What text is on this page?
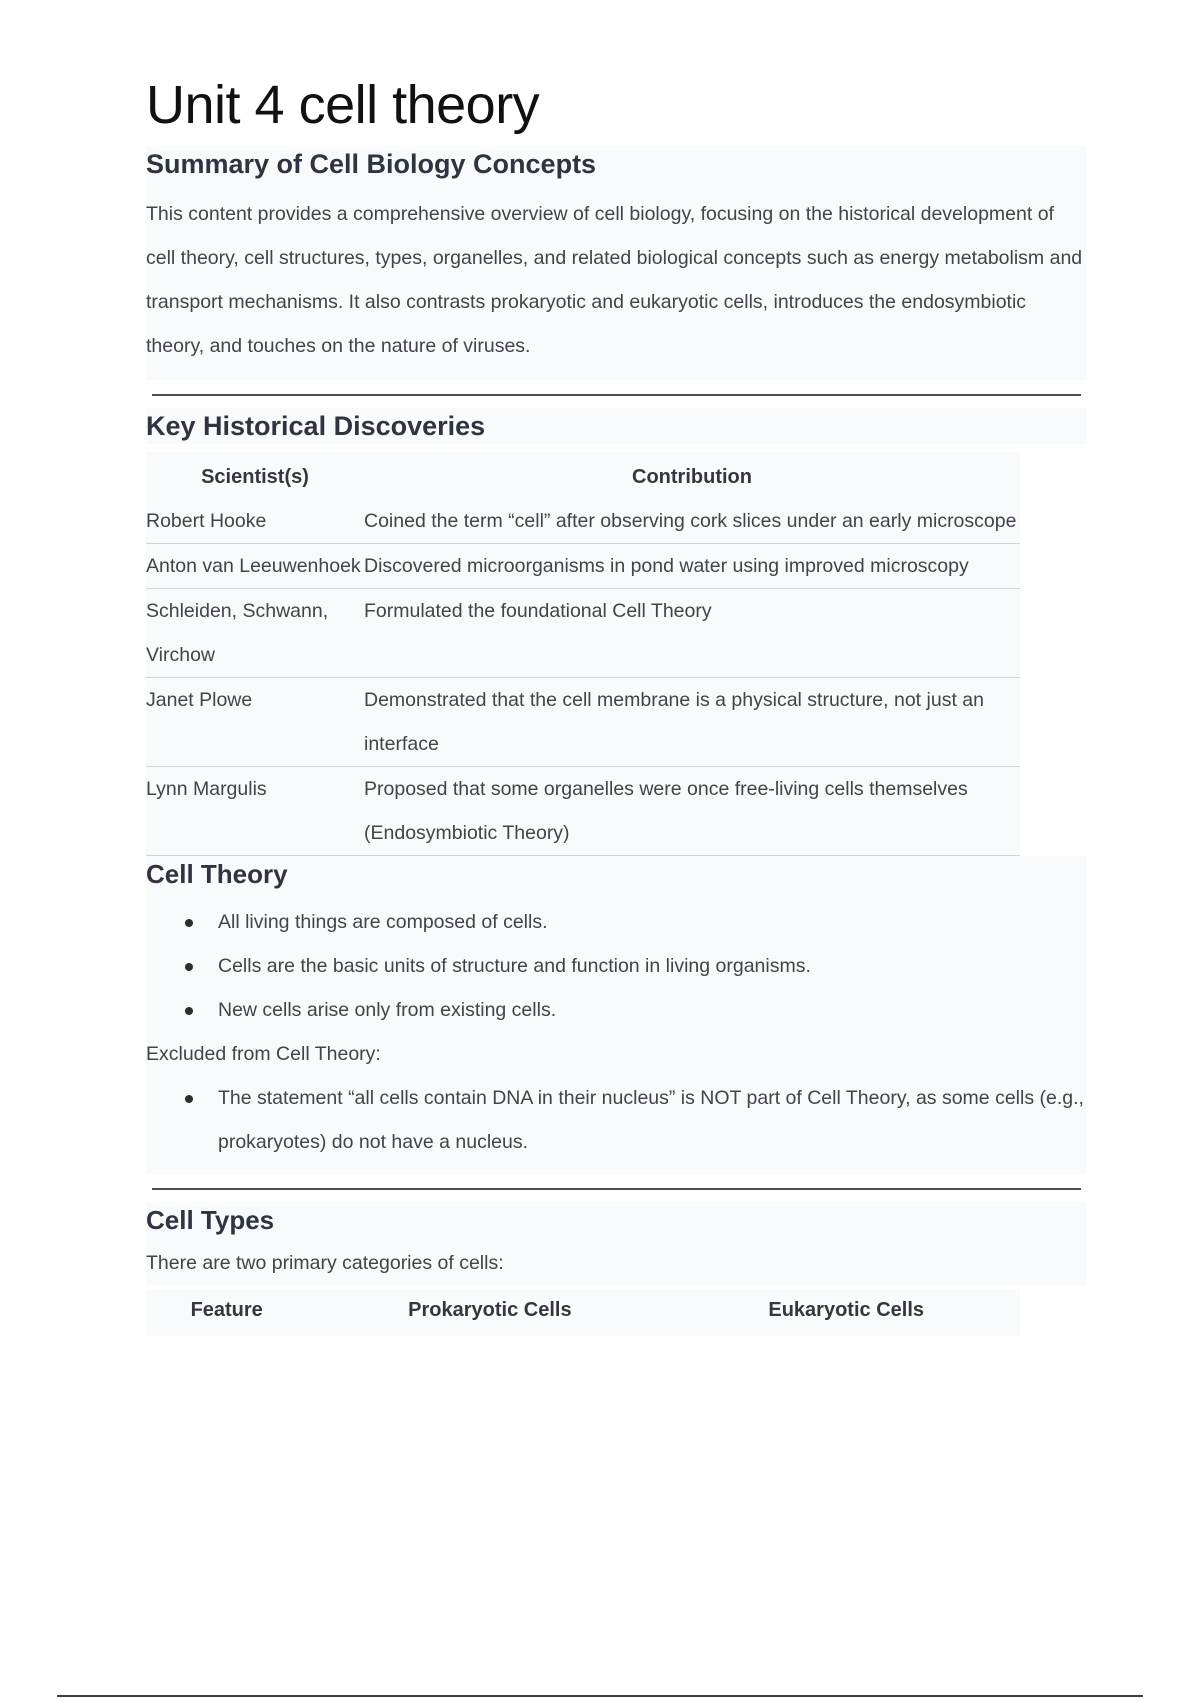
Unit 4 cell theory
Summary of Cell Biology Concepts

This content provides a comprehensive overview of cell biology, focusing on the historical development of cell theory, cell structures, types, organelles, and related biological concepts such as energy metabolism and transport mechanisms. It also contrasts prokaryotic and eukaryotic cells, introduces the endosymbiotic theory, and touches on the nature of viruses.

Key Historical Discoveries
Scientist(s)	Contribution
Robert Hooke	Coined the term “cell” after observing cork slices under an early microscope
Anton van Leeuwenhoek	Discovered microorganisms in pond water using improved microscopy
Schleiden, Schwann, Virchow	Formulated the foundational Cell Theory
Janet Plowe	Demonstrated that the cell membrane is a physical structure, not just an interface
Lynn Margulis	Proposed that some organelles were once free-living cells themselves (Endosymbiotic Theory)
Cell Theory
All living things are composed of cells.
Cells are the basic units of structure and function in living organisms.
New cells arise only from existing cells.

Excluded from Cell Theory:

The statement “all cells contain DNA in their nucleus” is NOT part of Cell Theory, as some cells (e.g., prokaryotes) do not have a nucleus.
Cell Types

There are two primary categories of cells:

Feature	Prokaryotic Cells	Eukaryotic Cells
